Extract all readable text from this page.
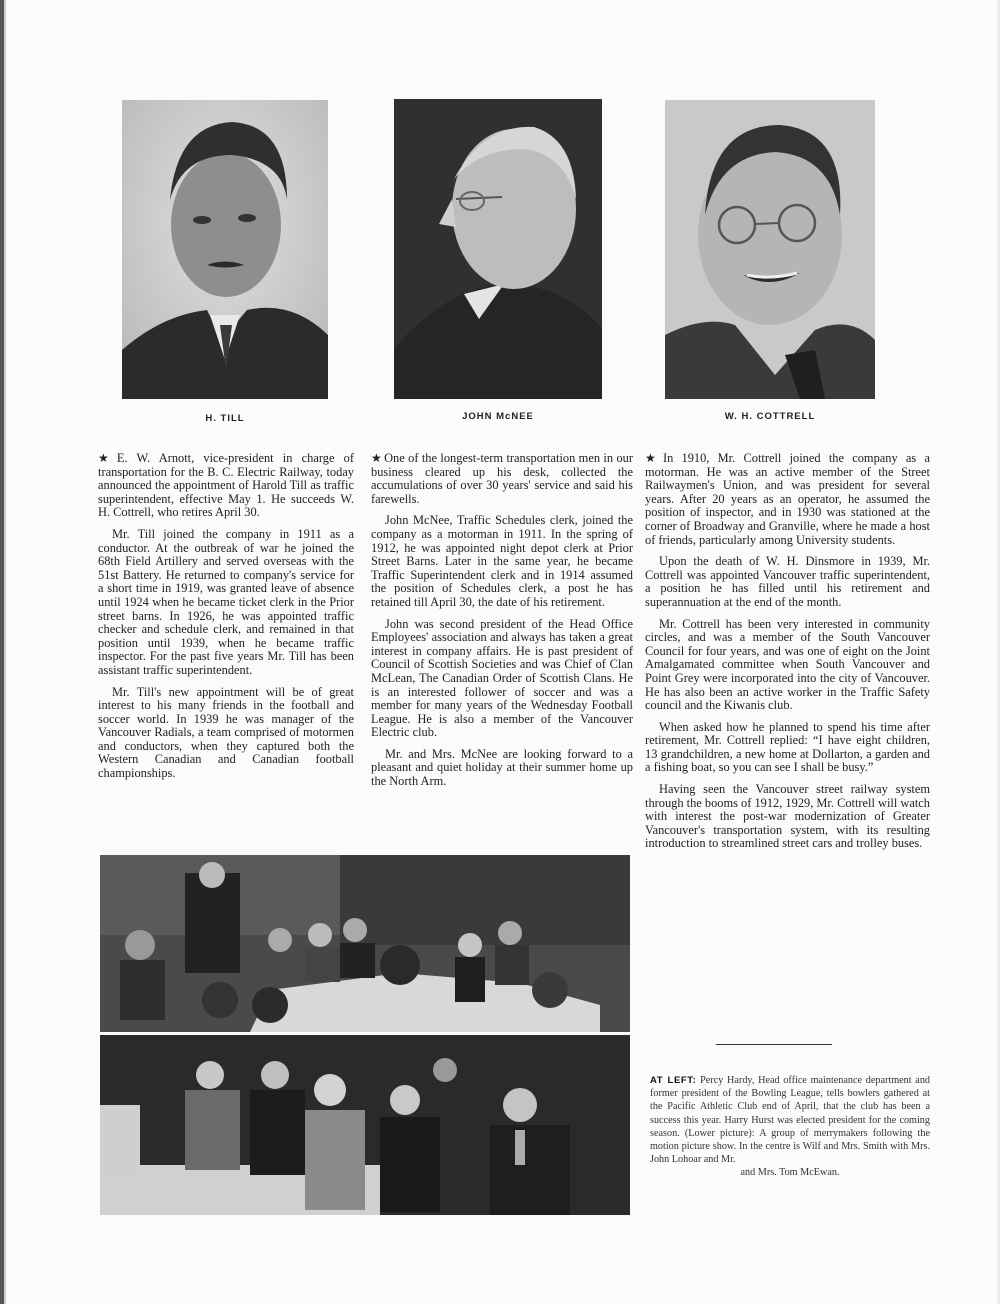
H. TILL	JOHN McNEE	W. H. COTTRELL

★ E. W. Arnott, vice-president in charge of transportation for the B. C. Electric Railway, today announced the appointment of Harold Till as traffic superintendent, effective May 1. He succeeds W. H. Cottrell, who retires April 30.

Mr. Till joined the company in 1911 as a conductor. At the outbreak of war he joined the 68th Field Artillery and served overseas with the 51st Battery. He returned to company's service for a short time in 1919, was granted leave of absence until 1924 when he became ticket clerk in the Prior street barns. In 1926, he was appointed traffic checker and schedule clerk, and remained in that position until 1939, when he became traffic inspector. For the past five years Mr. Till has been assistant traffic superintendent.

Mr. Till's new appointment will be of great interest to his many friends in the football and soccer world. In 1939 he was manager of the Vancouver Radials, a team comprised of motormen and conductors, when they captured both the Western Canadian and Canadian football championships.

★ One of the longest-term transportation men in our business cleared up his desk, collected the accumulations of over 30 years' service and said his farewells.

John McNee, Traffic Schedules clerk, joined the company as a motorman in 1911. In the spring of 1912, he was appointed night depot clerk at Prior Street Barns. Later in the same year, he became Traffic Superintendent clerk and in 1914 assumed the position of Schedules clerk, a post he has retained till April 30, the date of his retirement.

John was second president of the Head Office Employees' association and always has taken a great interest in company affairs. He is past president of Council of Scottish Societies and was Chief of Clan McLean, The Canadian Order of Scottish Clans. He is an interested follower of soccer and was a member for many years of the Wednesday Football League. He is also a member of the Vancouver Electric club.

Mr. and Mrs. McNee are looking forward to a pleasant and quiet holiday at their summer home up the North Arm.

★ In 1910, Mr. Cottrell joined the company as a motorman. He was an active member of the Street Railwaymen's Union, and was president for several years. After 20 years as an operator, he assumed the position of inspector, and in 1930 was stationed at the corner of Broadway and Granville, where he made a host of friends, particularly among University students.

Upon the death of W. H. Dinsmore in 1939, Mr. Cottrell was appointed Vancouver traffic superintendent, a position he has filled until his retirement and superannuation at the end of the month.

Mr. Cottrell has been very interested in community circles, and was a member of the South Vancouver Council for four years, and was one of eight on the Joint Amalgamated committee when South Vancouver and Point Grey were incorporated into the city of Vancouver. He has also been an active worker in the Traffic Safety council and the Kiwanis club.

When asked how he planned to spend his time after retirement, Mr. Cottrell replied: “I have eight children, 13 grandchildren, a new home at Dollarton, a garden and a fishing boat, so you can see I shall be busy.”

Having seen the Vancouver street railway system through the booms of 1912, 1929, Mr. Cottrell will watch with interest the post-war modernization of Greater Vancouver's transportation system, with its resulting introduction to streamlined street cars and trolley buses.

AT LEFT: Percy Hardy, Head office maintenance department and former president of the Bowling League, tells bowlers gathered at the Pacific Athletic Club end of April, that the club has been a success this year. Harry Hurst was elected president for the coming season. (Lower picture): A group of merrymakers following the motion picture show. In the centre is Wilf and Mrs. Smith with Mrs. John Lohoar and Mr.
and Mrs. Tom McEwan.
